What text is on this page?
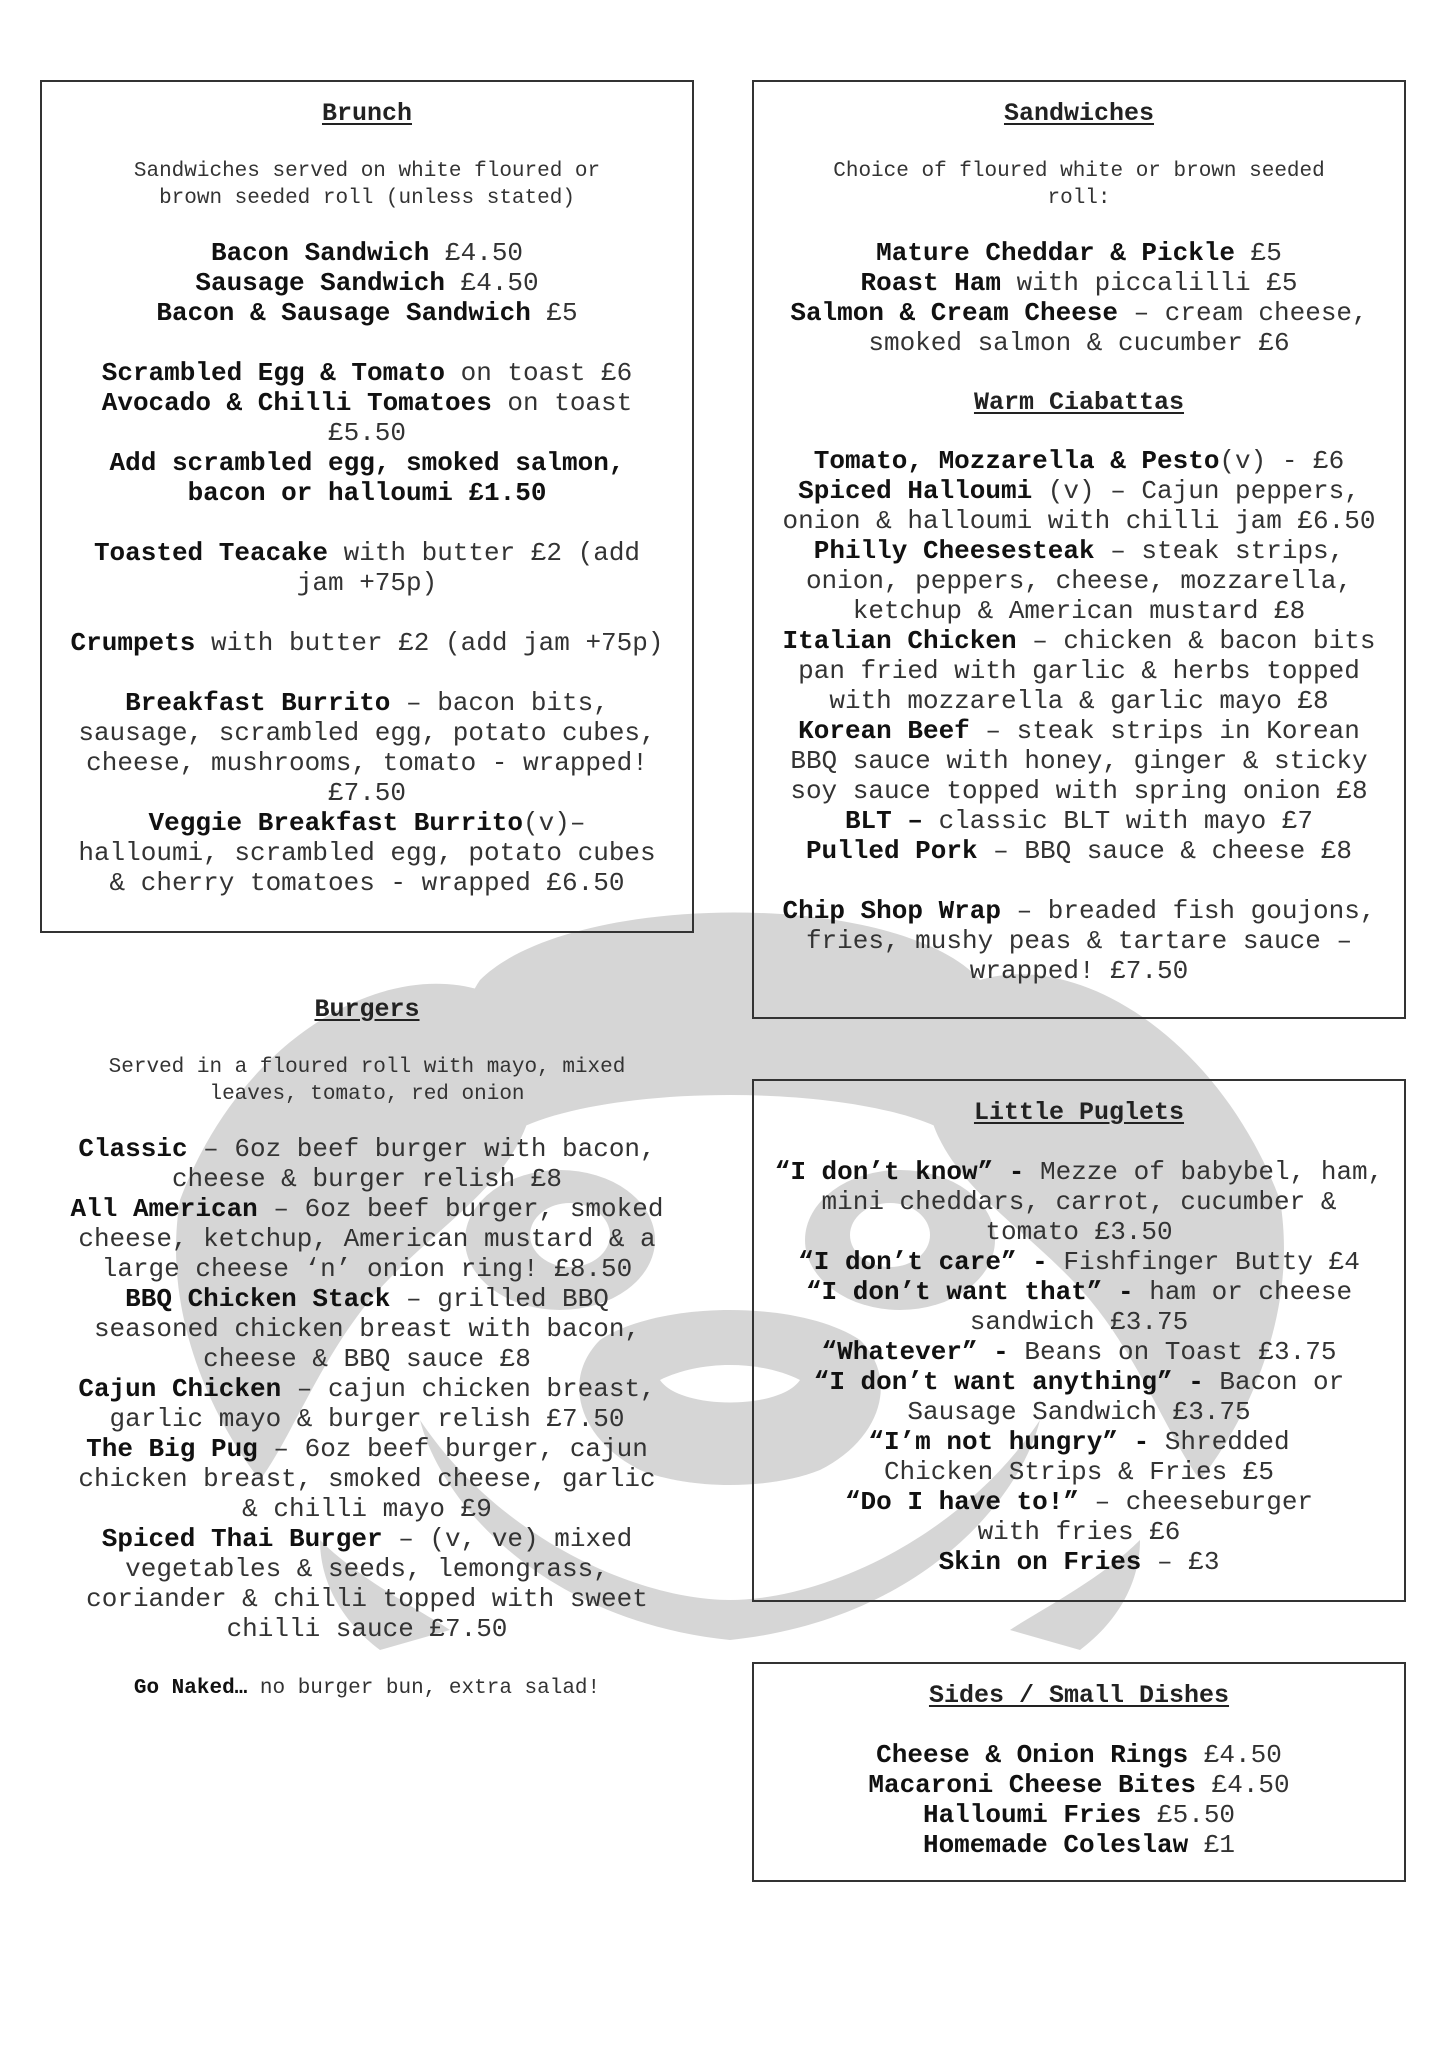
Brunch

Sandwiches served on white floured or brown seeded roll (unless stated)

Bacon Sandwich £4.50

Sausage Sandwich £4.50

Bacon & Sausage Sandwich £5

Scrambled Egg & Tomato on toast £6

Avocado & Chilli Tomatoes on toast £5.50

Add scrambled egg, smoked salmon, bacon or halloumi £1.50

Toasted Teacake with butter £2 (add jam +75p)

Crumpets with butter £2 (add jam +75p)

Breakfast Burrito – bacon bits, sausage, scrambled egg, potato cubes, cheese, mushrooms, tomato - wrapped! £7.50

Veggie Breakfast Burrito(v)– halloumi, scrambled egg, potato cubes & cherry tomatoes - wrapped £6.50

Sandwiches

Choice of floured white or brown seeded roll:

Mature Cheddar & Pickle £5

Roast Ham with piccalilli £5

Salmon & Cream Cheese – cream cheese, smoked salmon & cucumber £6

Warm Ciabattas

Tomato, Mozzarella & Pesto(v) - £6

Spiced Halloumi (v) – Cajun peppers, onion & halloumi with chilli jam £6.50

Philly Cheesesteak – steak strips, onion, peppers, cheese, mozzarella, ketchup & American mustard £8

Italian Chicken – chicken & bacon bits pan fried with garlic & herbs topped with mozzarella & garlic mayo £8

Korean Beef – steak strips in Korean BBQ sauce with honey, ginger & sticky soy sauce topped with spring onion £8

BLT – classic BLT with mayo £7

Pulled Pork – BBQ sauce & cheese £8

Chip Shop Wrap – breaded fish goujons, fries, mushy peas & tartare sauce – wrapped! £7.50

Burgers

Served in a floured roll with mayo, mixed leaves, tomato, red onion

Classic – 6oz beef burger with bacon, cheese & burger relish £8

All American – 6oz beef burger, smoked cheese, ketchup, American mustard & a large cheese ‘n’ onion ring! £8.50

BBQ Chicken Stack – grilled BBQ seasoned chicken breast with bacon, cheese & BBQ sauce £8

Cajun Chicken – cajun chicken breast, garlic mayo & burger relish £7.50

The Big Pug – 6oz beef burger, cajun chicken breast, smoked cheese, garlic & chilli mayo £9

Spiced Thai Burger – (v, ve) mixed vegetables & seeds, lemongrass, coriander & chilli topped with sweet chilli sauce £7.50

Go Naked… no burger bun, extra salad!

Little Puglets

“I don’t know” - Mezze of babybel, ham, mini cheddars, carrot, cucumber & tomato £3.50

“I don’t care” - Fishfinger Butty £4

“I don’t want that” - ham or cheese sandwich £3.75

“Whatever” - Beans on Toast £3.75

“I don’t want anything” - Bacon or Sausage Sandwich £3.75

“I’m not hungry” - Shredded Chicken Strips & Fries £5

“Do I have to!” – cheeseburger with fries £6

Skin on Fries – £3

Sides / Small Dishes

Cheese & Onion Rings £4.50

Macaroni Cheese Bites £4.50

Halloumi Fries £5.50

Homemade Coleslaw £1
